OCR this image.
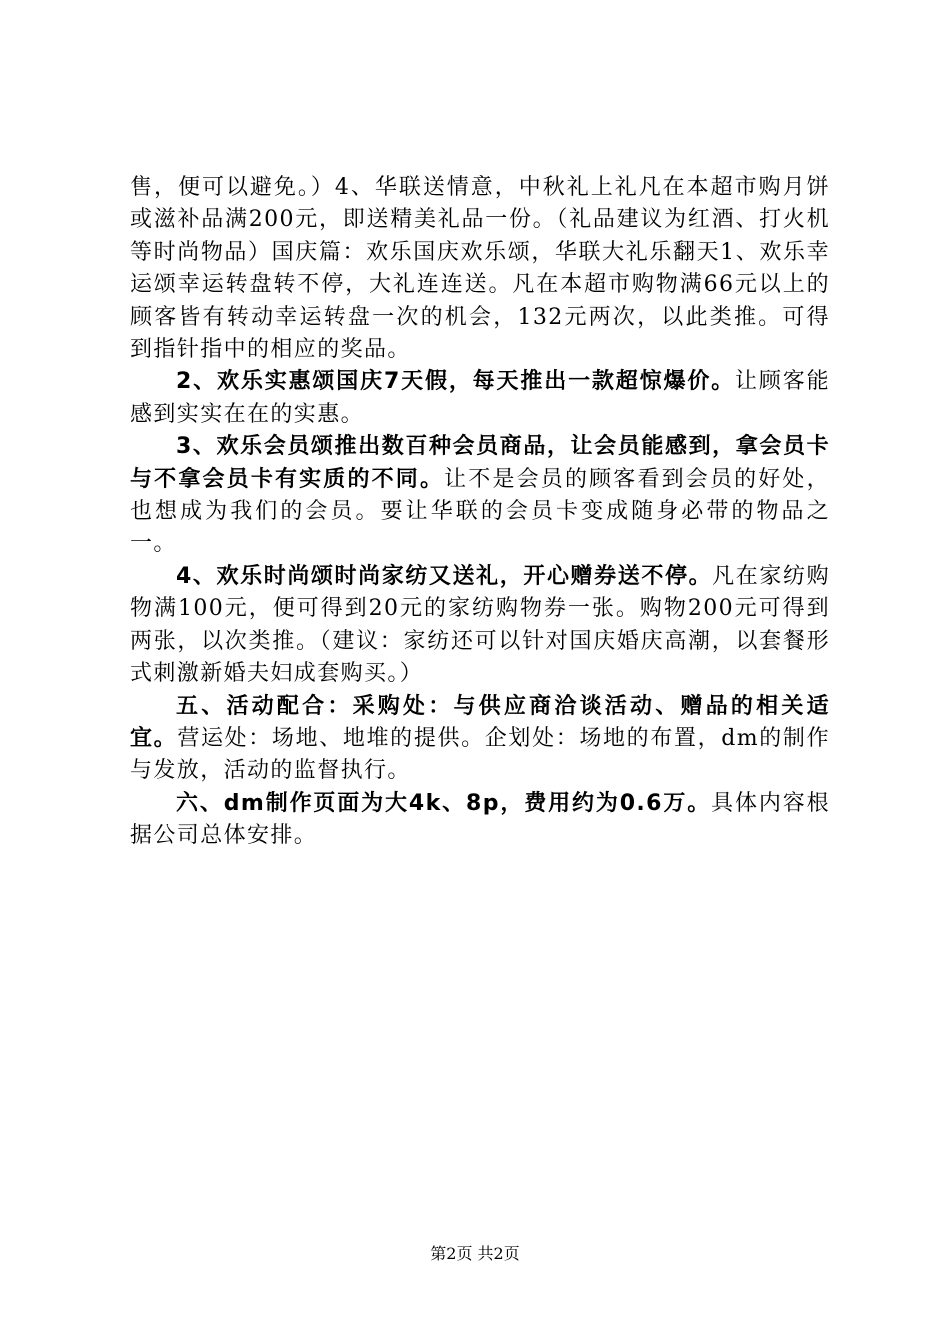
售，便可以避免。）4、华联送情意，中秋礼上礼凡在本超市购月饼或滋补品满200元，即送精美礼品一份。（礼品建议为红酒、打火机等时尚物品）国庆篇：欢乐国庆欢乐颂，华联大礼乐翻天1、欢乐幸运颂幸运转盘转不停，大礼连连送。凡在本超市购物满66元以上的顾客皆有转动幸运转盘一次的机会，132元两次，以此类推。可得到指针指中的相应的奖品。

2、欢乐实惠颂国庆7天假，每天推出一款超惊爆价。让顾客能感到实实在在的实惠。

3、欢乐会员颂推出数百种会员商品，让会员能感到，拿会员卡与不拿会员卡有实质的不同。让不是会员的顾客看到会员的好处，也想成为我们的会员。要让华联的会员卡变成随身必带的物品之一。

4、欢乐时尚颂时尚家纺又送礼，开心赠券送不停。凡在家纺购物满100元，便可得到20元的家纺购物券一张。购物200元可得到两张，以次类推。（建议：家纺还可以针对国庆婚庆高潮，以套餐形式刺激新婚夫妇成套购买。）

五、活动配合：采购处：与供应商洽谈活动、赠品的相关适宜。营运处：场地、地堆的提供。企划处：场地的布置，dm的制作与发放，活动的监督执行。

六、dm制作页面为大4k、8p，费用约为0.6万。具体内容根据公司总体安排。

第2页 共2页
